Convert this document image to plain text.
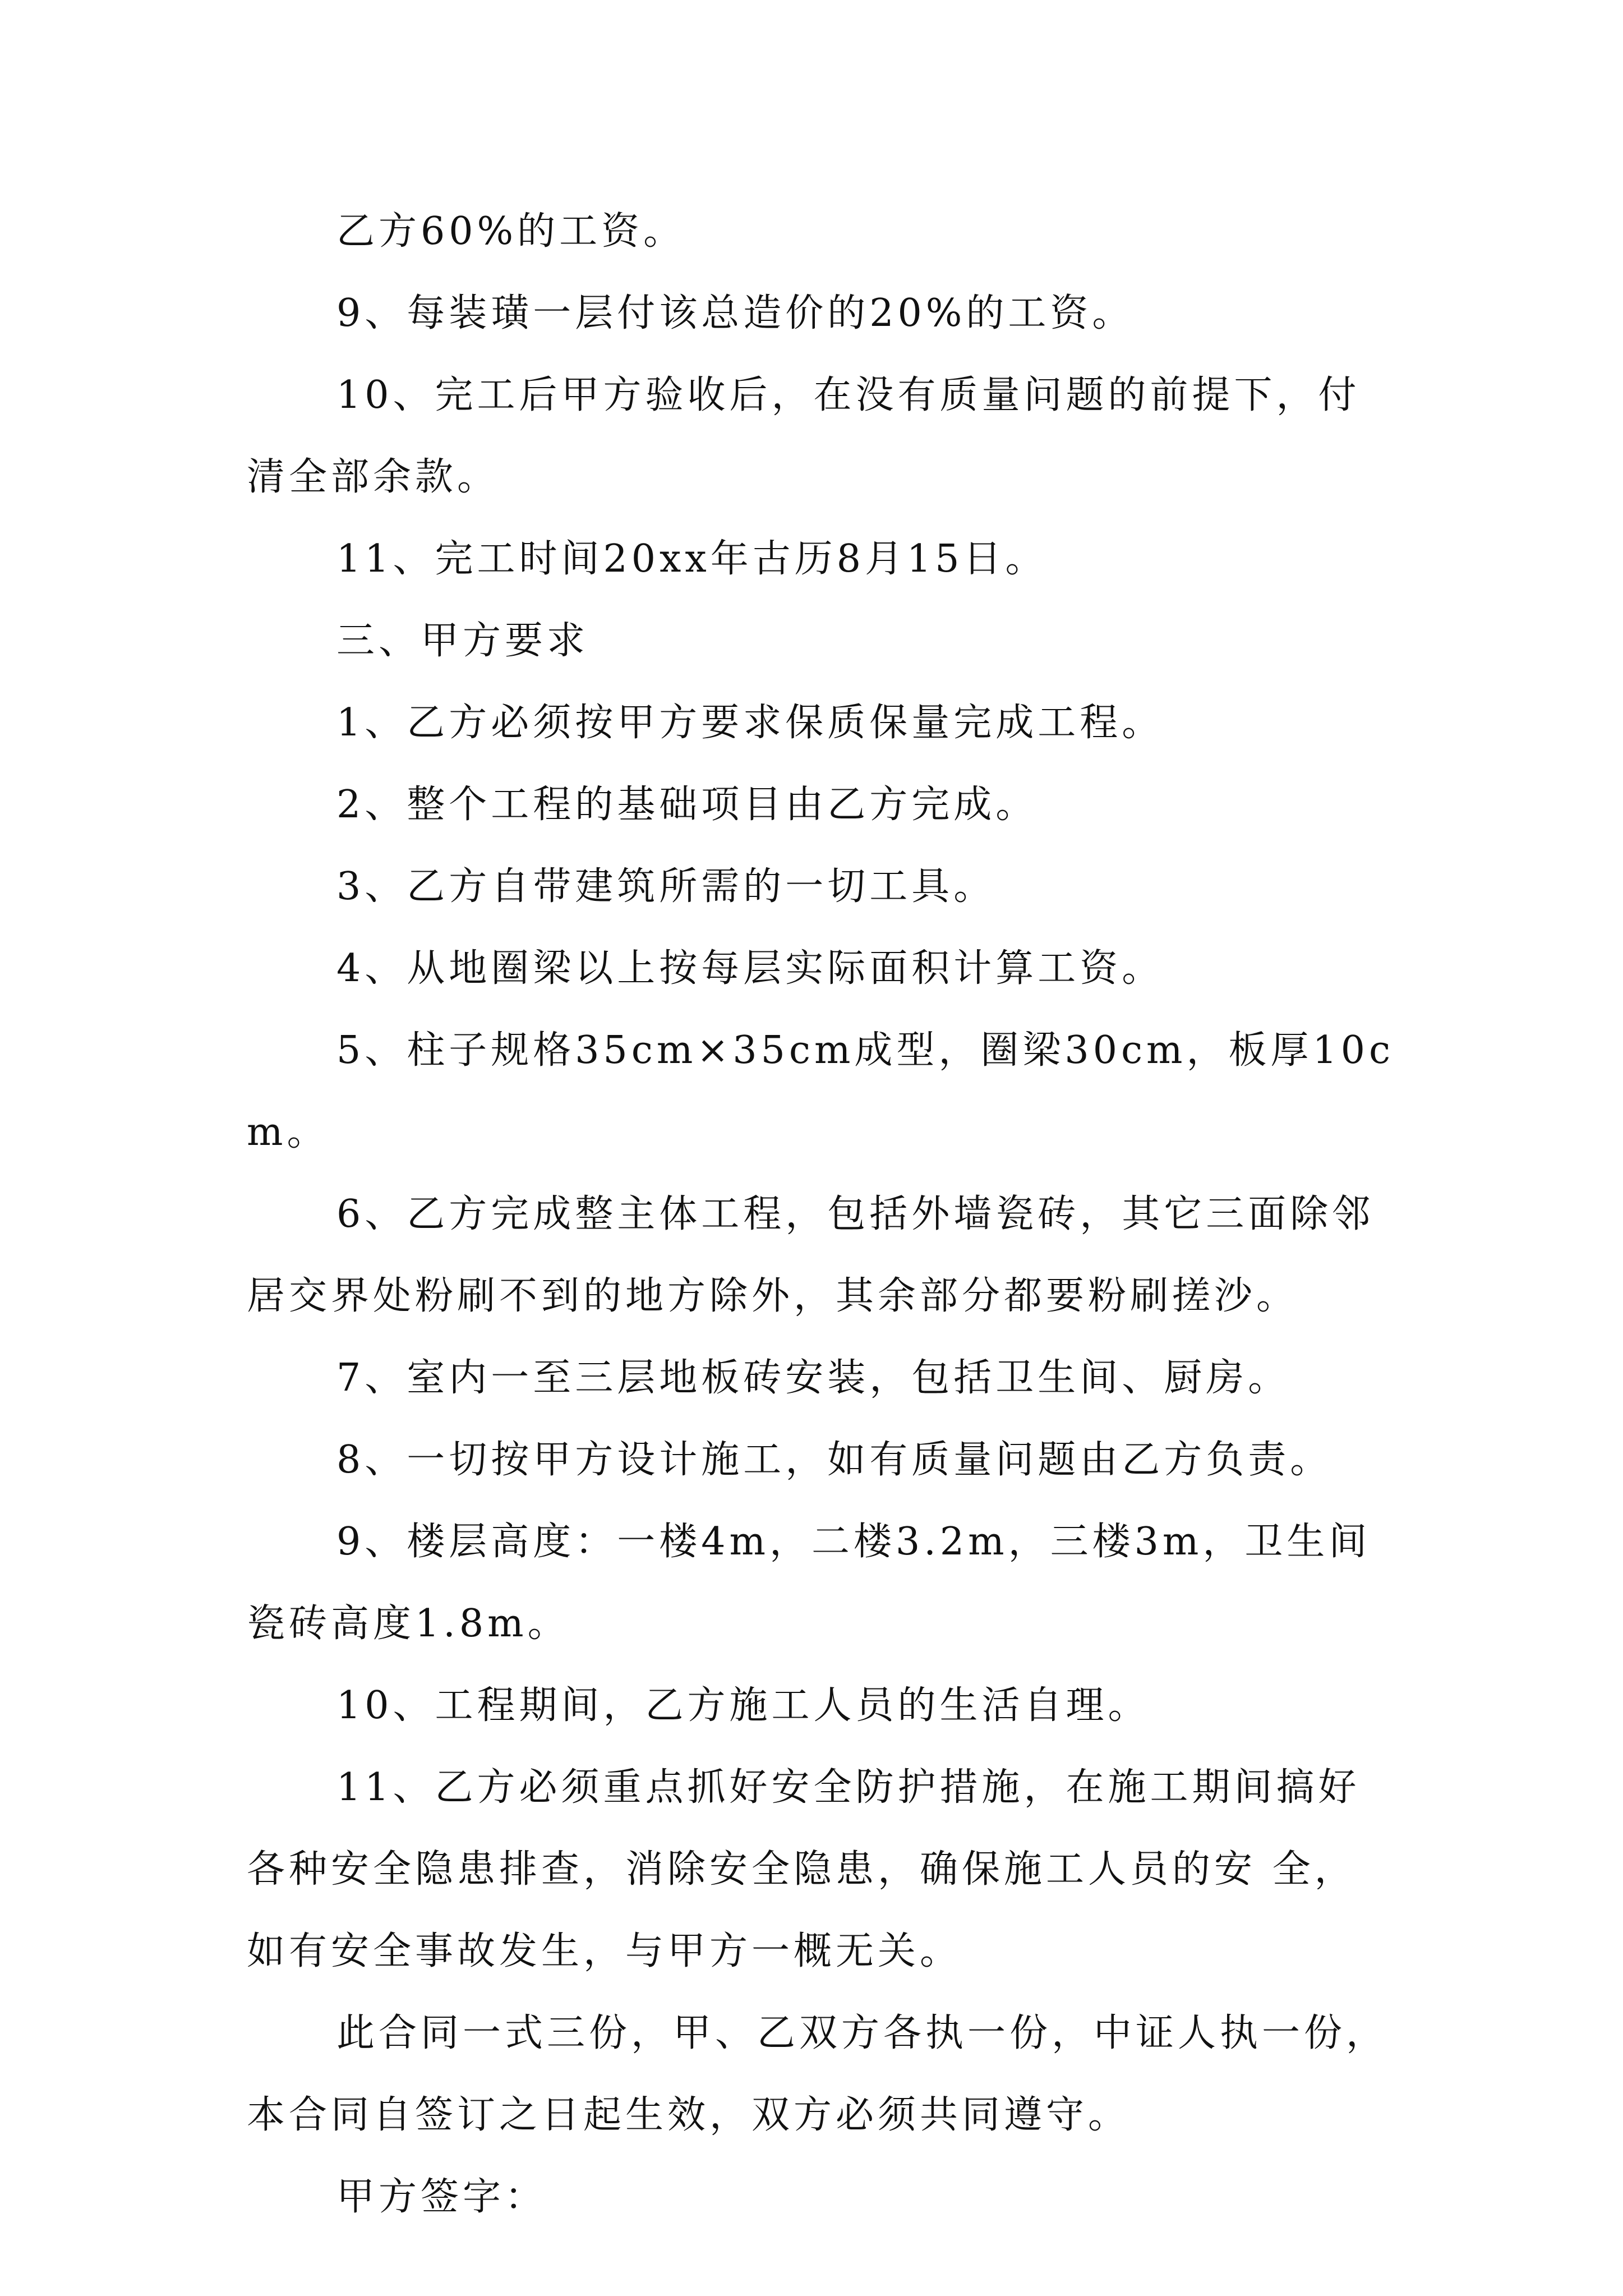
乙方60%的工资。

9、每装璜一层付该总造价的20%的工资。

10、完工后甲方验收后，在没有质量问题的前提下，付清全部余款。

11、完工时间20xx年古历8月15日。

三、甲方要求

1、乙方必须按甲方要求保质保量完成工程。

2、整个工程的基础项目由乙方完成。

3、乙方自带建筑所需的一切工具。

4、从地圈梁以上按每层实际面积计算工资。

5、柱子规格35cm×35cm成型，圈梁30cm，板厚10cm。

6、乙方完成整主体工程，包括外墙瓷砖，其它三面除邻居交界处粉刷不到的地方除外，其余部分都要粉刷搓沙。

7、室内一至三层地板砖安装，包括卫生间、厨房。

8、一切按甲方设计施工，如有质量问题由乙方负责。

9、楼层高度：一楼4m，二楼3.2m，三楼3m，卫生间瓷砖高度1.8m。

10、工程期间，乙方施工人员的生活自理。

11、乙方必须重点抓好安全防护措施，在施工期间搞好各种安全隐患排查，消除安全隐患，确保施工人员的安 全，如有安全事故发生，与甲方一概无关。

此合同一式三份，甲、乙双方各执一份，中证人执一份，本合同自签订之日起生效，双方必须共同遵守。

甲方签字：
